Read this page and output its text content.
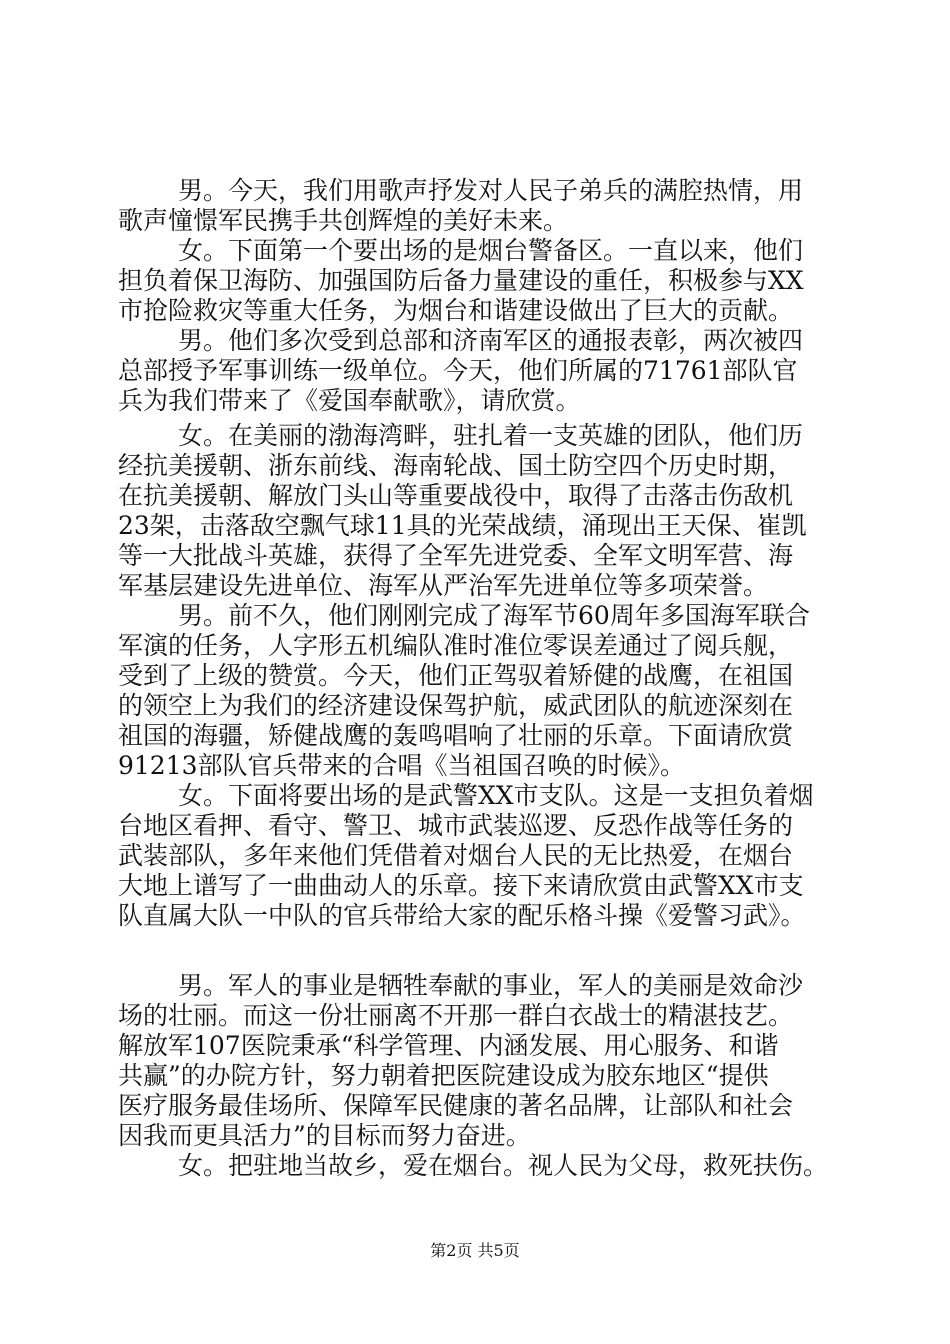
男。今天，我们用歌声抒发对人民子弟兵的满腔热情，用

歌声憧憬军民携手共创辉煌的美好未来。

女。下面第一个要出场的是烟台警备区。一直以来，他们

担负着保卫海防、加强国防后备力量建设的重任，积极参与XX

市抢险救灾等重大任务，为烟台和谐建设做出了巨大的贡献。

男。他们多次受到总部和济南军区的通报表彰，两次被四

总部授予军事训练一级单位。今天，他们所属的71761部队官

兵为我们带来了《爱国奉献歌》，请欣赏。

女。在美丽的渤海湾畔，驻扎着一支英雄的团队，他们历

经抗美援朝、浙东前线、海南轮战、国土防空四个历史时期，

在抗美援朝、解放门头山等重要战役中，取得了击落击伤敌机

23架，击落敌空飘气球11具的光荣战绩，涌现出王天保、崔凯

等一大批战斗英雄，获得了全军先进党委、全军文明军营、海

军基层建设先进单位、海军从严治军先进单位等多项荣誉。

男。前不久，他们刚刚完成了海军节60周年多国海军联合

军演的任务，人字形五机编队准时准位零误差通过了阅兵舰，

受到了上级的赞赏。今天，他们正驾驭着矫健的战鹰，在祖国

的领空上为我们的经济建设保驾护航，威武团队的航迹深刻在

祖国的海疆，矫健战鹰的轰鸣唱响了壮丽的乐章。下面请欣赏

91213部队官兵带来的合唱《当祖国召唤的时候》。

女。下面将要出场的是武警XX市支队。这是一支担负着烟

台地区看押、看守、警卫、城市武装巡逻、反恐作战等任务的

武装部队，多年来他们凭借着对烟台人民的无比热爱，在烟台

大地上谱写了一曲曲动人的乐章。接下来请欣赏由武警XX市支

队直属大队一中队的官兵带给大家的配乐格斗操《爱警习武》。

男。军人的事业是牺牲奉献的事业，军人的美丽是效命沙

场的壮丽。而这一份壮丽离不开那一群白衣战士的精湛技艺。

解放军107医院秉承“科学管理、内涵发展、用心服务、和谐

共赢”的办院方针，努力朝着把医院建设成为胶东地区“提供

医疗服务最佳场所、保障军民健康的著名品牌，让部队和社会

因我而更具活力”的目标而努力奋进。

女。把驻地当故乡，爱在烟台。视人民为父母，救死扶伤。

第2页 共5页
